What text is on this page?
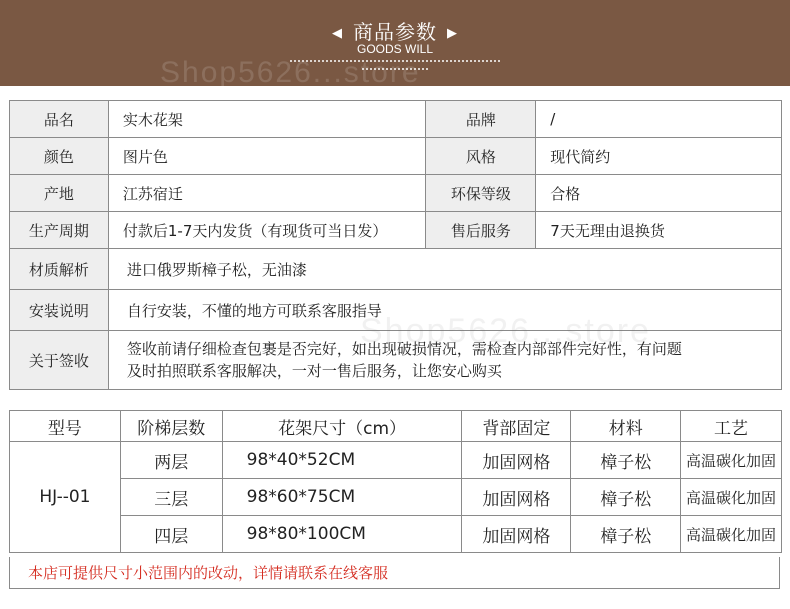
◀ 商品参数 ▶
GOODS WILL
Shop5626...store
品名	实木花架	品牌	/
颜色	图片色	风格	现代简约
产地	江苏宿迁	环保等级	合格
生产周期	付款后1-7天内发货（有现货可当日发）	售后服务	7天无理由退换货
材质解析	进口俄罗斯樟子松，无油漆		
安装说明	自行安装，不懂的地方可联系客服指导		
关于签收	签收前请仔细检查包裹是否完好，如出现破损情况，需检查内部部件完好性，有问题
及时拍照联系客服解决，一对一售后服务，让您安心购买		
Shop5626...store
型号	阶梯层数	花架尺寸（cm）	背部固定	材料	工艺
HJ--01	两层	98*40*52CM	加固网格	樟子松	高温碳化加固
	三层	98*60*75CM	加固网格	樟子松	高温碳化加固
	四层	98*80*100CM	加固网格	樟子松	高温碳化加固
本店可提供尺寸小范围内的改动，详情请联系在线客服
